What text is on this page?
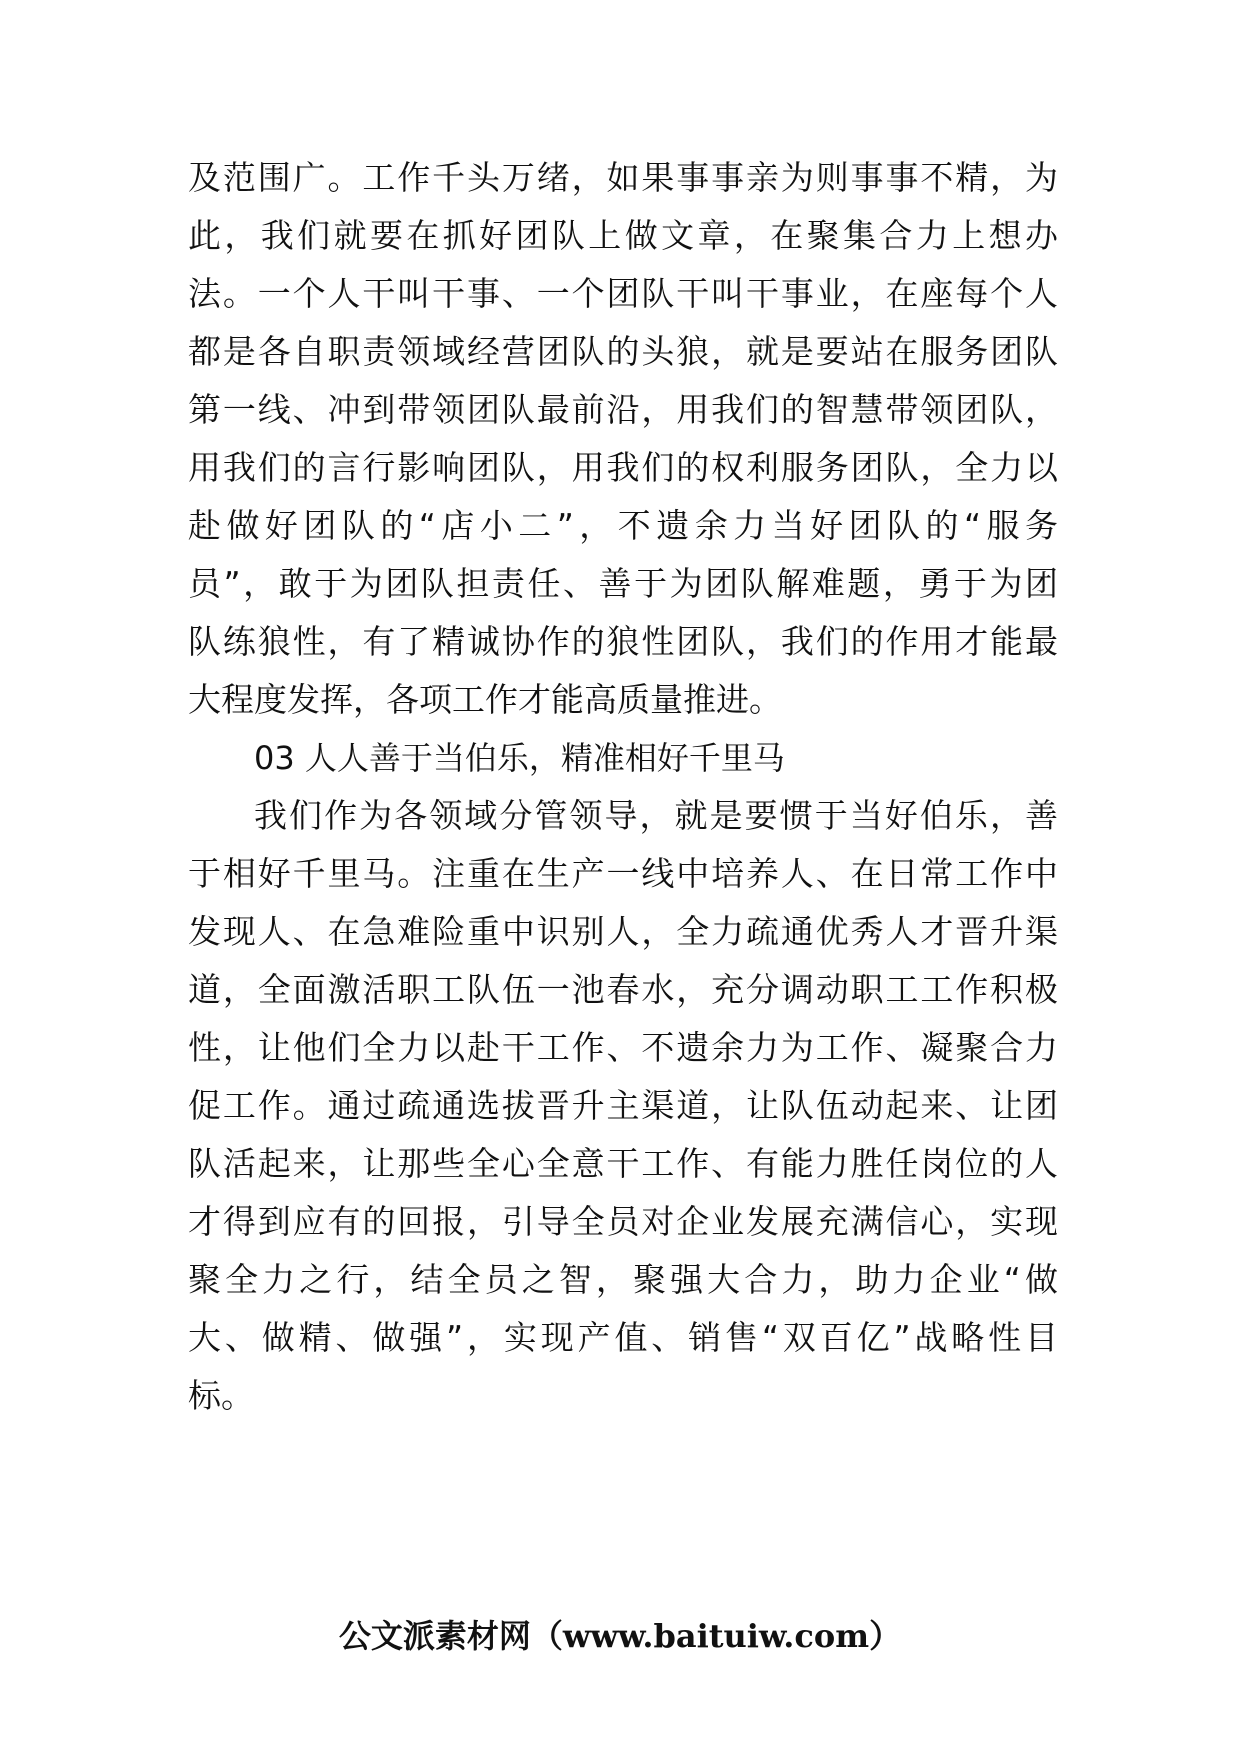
及范围广。工作千头万绪，如果事事亲为则事事不精，为
此，我们就要在抓好团队上做文章，在聚集合力上想办
法。一个人干叫干事、一个团队干叫干事业，在座每个人
都是各自职责领域经营团队的头狼，就是要站在服务团队
第一线、冲到带领团队最前沿，用我们的智慧带领团队，
用我们的言行影响团队，用我们的权利服务团队，全力以
赴做好团队的“店小二”，不遗余力当好团队的“服务
员”，敢于为团队担责任、善于为团队解难题，勇于为团
队练狼性，有了精诚协作的狼性团队，我们的作用才能最
大程度发挥，各项工作才能高质量推进。
03 人人善于当伯乐，精准相好千里马
我们作为各领域分管领导，就是要惯于当好伯乐，善
于相好千里马。注重在生产一线中培养人、在日常工作中
发现人、在急难险重中识别人，全力疏通优秀人才晋升渠
道，全面激活职工队伍一池春水，充分调动职工工作积极
性，让他们全力以赴干工作、不遗余力为工作、凝聚合力
促工作。通过疏通选拔晋升主渠道，让队伍动起来、让团
队活起来，让那些全心全意干工作、有能力胜任岗位的人
才得到应有的回报，引导全员对企业发展充满信心，实现
聚全力之行，结全员之智，聚强大合力，助力企业“做
大、做精、做强”，实现产值、销售“双百亿”战略性目
标。
公文派素材网（www.baituiw.com）
